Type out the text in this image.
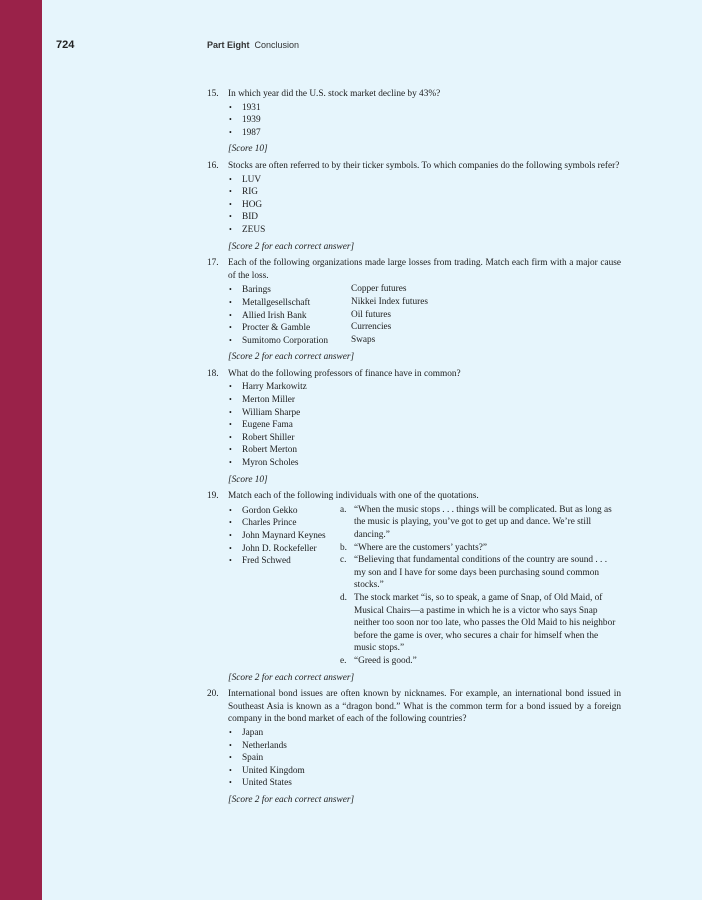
724	Part Eight Conclusion
15. In which year did the U.S. stock market decline by 43%?
• 1931
• 1939
• 1987
[Score 10]
16. Stocks are often referred to by their ticker symbols. To which companies do the following symbols refer?
• LUV
• RIG
• HOG
• BID
• ZEUS
[Score 2 for each correct answer]
17. Each of the following organizations made large losses from trading. Match each firm with a major cause of the loss.
• Barings
• Metallgesellschaft
• Allied Irish Bank
• Procter & Gamble
• Sumitomo Corporation
Copper futures
Nikkei Index futures
Oil futures
Currencies
Swaps
[Score 2 for each correct answer]
18. What do the following professors of finance have in common?
• Harry Markowitz
• Merton Miller
• William Sharpe
• Eugene Fama
• Robert Shiller
• Robert Merton
• Myron Scholes
[Score 10]
19. Match each of the following individuals with one of the quotations.
• Gordon Gekko
• Charles Prince
• John Maynard Keynes
• John D. Rockefeller
• Fred Schwed
a. “When the music stops . . . things will be complicated. But as long as the music is playing, you’ve got to get up and dance. We’re still dancing.”
b. “Where are the customers’ yachts?”
c. “Believing that fundamental conditions of the country are sound . . . my son and I have for some days been purchasing sound common stocks.”
d. The stock market “is, so to speak, a game of Snap, of Old Maid, of Musical Chairs—a pastime in which he is a victor who says Snap neither too soon nor too late, who passes the Old Maid to his neighbor before the game is over, who secures a chair for himself when the music stops.”
e. “Greed is good.”
[Score 2 for each correct answer]
20. International bond issues are often known by nicknames. For example, an international bond issued in Southeast Asia is known as a “dragon bond.” What is the common term for a bond issued by a foreign company in the bond market of each of the following countries?
• Japan
• Netherlands
• Spain
• United Kingdom
• United States
[Score 2 for each correct answer]
